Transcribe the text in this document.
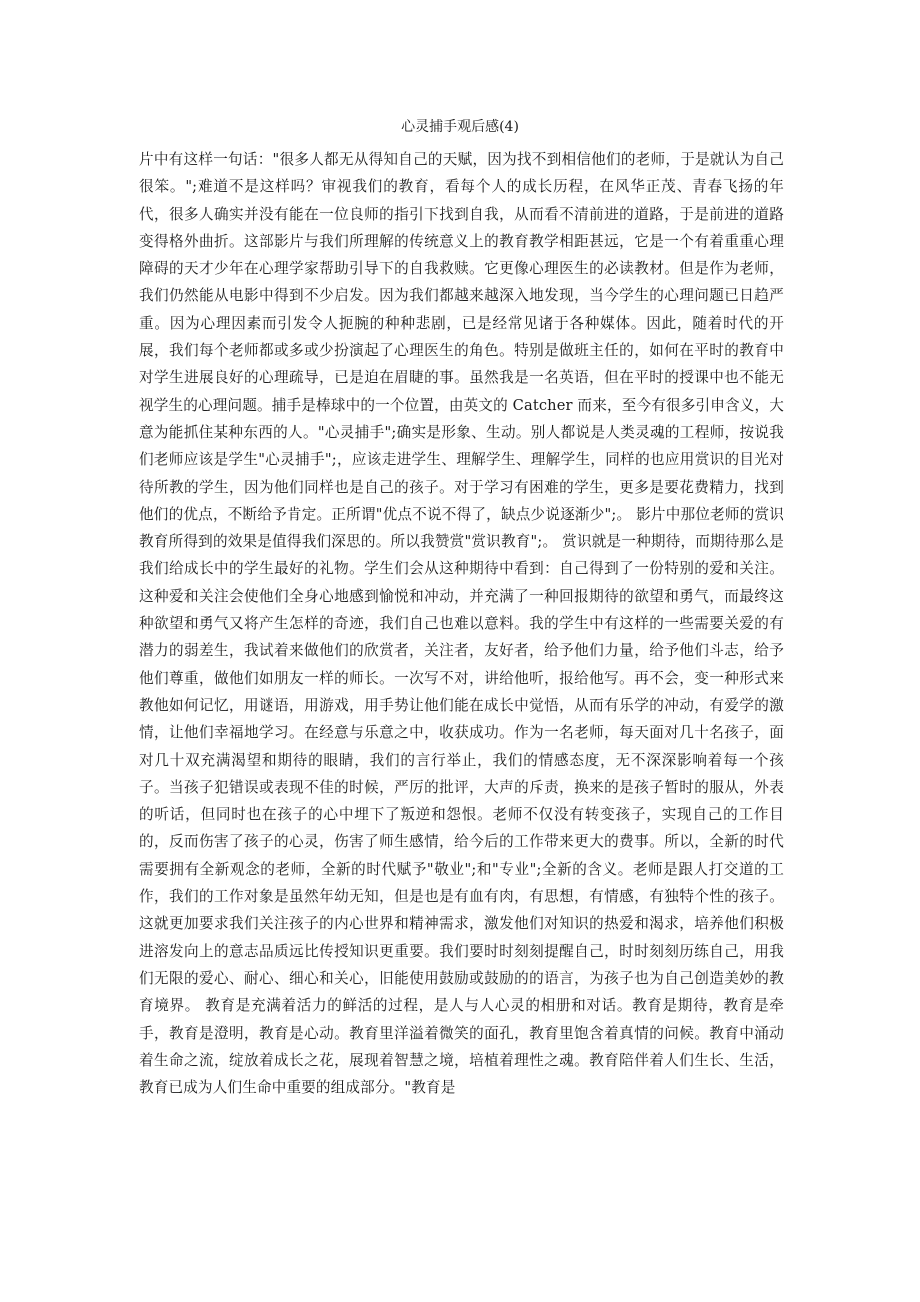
心灵捕手观后感(4)

片中有这样一句话："很多人都无从得知自己的天赋，因为找不到相信他们的老师，于是就认为自己很笨。";难道不是这样吗？审视我们的教育，看每个人的成长历程，在风华正茂、青春飞扬的年代，很多人确实并没有能在一位良师的指引下找到自我，从而看不清前进的道路，于是前进的道路变得格外曲折。这部影片与我们所理解的传统意义上的教育教学相距甚远，它是一个有着重重心理障碍的天才少年在心理学家帮助引导下的自我救赎。它更像心理医生的必读教材。但是作为老师，我们仍然能从电影中得到不少启发。因为我们都越来越深入地发现，当今学生的心理问题已日趋严重。因为心理因素而引发令人扼腕的种种悲剧，已是经常见诸于各种媒体。因此，随着时代的开展，我们每个老师都或多或少扮演起了心理医生的角色。特别是做班主任的，如何在平时的教育中对学生进展良好的心理疏导，已是迫在眉睫的事。虽然我是一名英语，但在平时的授课中也不能无视学生的心理问题。捕手是棒球中的一个位置，由英文的 Catcher 而来，至今有很多引申含义，大意为能抓住某种东西的人。"心灵捕手";确实是形象、生动。别人都说是人类灵魂的工程师，按说我们老师应该是学生"心灵捕手";，应该走进学生、理解学生、理解学生，同样的也应用赏识的目光对待所教的学生，因为他们同样也是自己的孩子。对于学习有困难的学生，更多是要花费精力，找到他们的优点，不断给予肯定。正所谓"优点不说不得了，缺点少说逐渐少";。 影片中那位老师的赏识教育所得到的效果是值得我们深思的。所以我赞赏"赏识教育";。 赏识就是一种期待，而期待那么是我们给成长中的学生最好的礼物。学生们会从这种期待中看到：自己得到了一份特别的爱和关注。这种爱和关注会使他们全身心地感到愉悦和冲动，并充满了一种回报期待的欲望和勇气，而最终这种欲望和勇气又将产生怎样的奇迹，我们自己也难以意料。我的学生中有这样的一些需要关爱的有潜力的弱差生，我试着来做他们的欣赏者，关注者，友好者，给予他们力量，给予他们斗志，给予他们尊重，做他们如朋友一样的师长。一次写不对，讲给他听，报给他写。再不会，变一种形式来教他如何记忆，用谜语，用游戏，用手势让他们能在成长中觉悟，从而有乐学的冲动，有爱学的激情，让他们幸福地学习。在经意与乐意之中，收获成功。作为一名老师，每天面对几十名孩子，面对几十双充满渴望和期待的眼睛，我们的言行举止，我们的情感态度，无不深深影响着每一个孩子。当孩子犯错误或表现不佳的时候，严厉的批评，大声的斥责，换来的是孩子暂时的服从，外表的听话，但同时也在孩子的心中埋下了叛逆和怨恨。老师不仅没有转变孩子，实现自己的工作目的，反而伤害了孩子的心灵，伤害了师生感情，给今后的工作带来更大的费事。所以，全新的时代需要拥有全新观念的老师，全新的时代赋予"敬业";和"专业";全新的含义。老师是跟人打交道的工作，我们的工作对象是虽然年幼无知，但是也是有血有肉，有思想，有情感，有独特个性的孩子。这就更加要求我们关注孩子的内心世界和精神需求，激发他们对知识的热爱和渴求，培养他们积极进溶发向上的意志品质远比传授知识更重要。我们要时时刻刻提醒自己，时时刻刻历练自己，用我们无限的爱心、耐心、细心和关心，旧能使用鼓励或鼓励的的语言，为孩子也为自己创造美妙的教育境界。 教育是充满着活力的鲜活的过程，是人与人心灵的相册和对话。教育是期待，教育是牵手，教育是澄明，教育是心动。教育里洋溢着微笑的面孔，教育里饱含着真情的问候。教育中涌动着生命之流，绽放着成长之花，展现着智慧之境，培植着理性之魂。教育陪伴着人们生长、生活，教育已成为人们生命中重要的组成部分。"教育是
